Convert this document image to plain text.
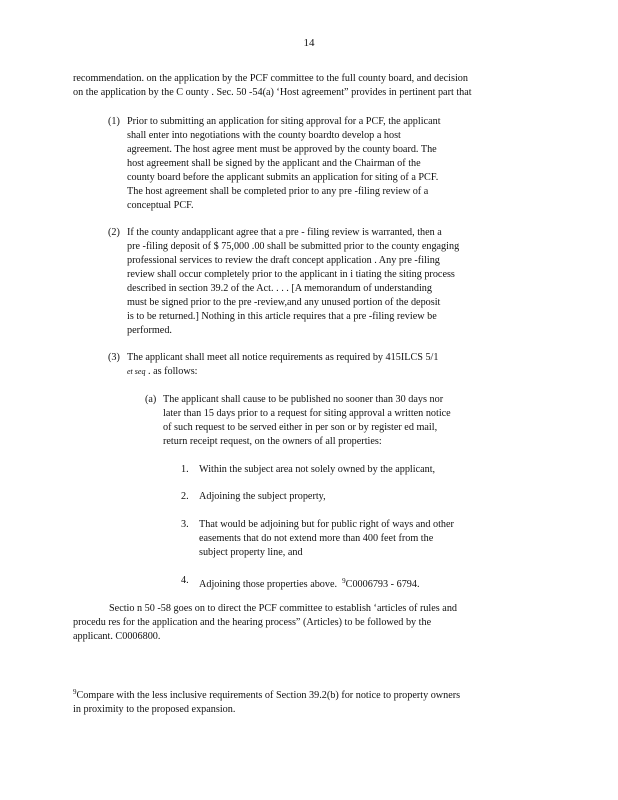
14
recommendation. on the application by the PCF committee to the full county board, and decision
on the application by the C ounty . Sec. 50 -54(a) ‘Host agreement” provides in pertinent part that
(1) Prior to submitting an application for siting approval for a PCF, the applicant
shall enter into negotiations with the county boardto develop a host
agreement. The host agree ment must be approved by the county board. The
host agreement shall be signed by the applicant and the Chairman of the
county board before the applicant submits an application for siting of a PCF.
The host agreement shall be completed prior to any pre -filing review of a
conceptual PCF.
(2) If the county andapplicant agree that a pre - filing review is warranted, then a
pre -filing deposit of $ 75,000 .00 shall be submitted prior to the county engaging
professional services to review the draft concept application . Any pre -filing
review shall occur completely prior to the applicant in i tiating the siting process
described in section 39.2 of the Act. . . . [A memorandum of understanding
must be signed prior to the pre -review,and any unused portion of the deposit
is to be returned.] Nothing in this article requires that a pre -filing review be
performed.
(3) The applicant shall meet all notice requirements as required by 415ILCS 5/1
et seq . as follows:
(a) The applicant shall cause to be published no sooner than 30 days nor
later than 15 days prior to a request for siting approval a written notice
of such request to be served either in per son or by register ed mail,
return receipt request, on the owners of all properties:
1. Within the subject area not solely owned by the applicant,
2. Adjoining the subject property,
3. That would be adjoining but for public right of ways and other
easements that do not extend more than 400 feet from the
subject property line, and
4. Adjoining those properties above. $^9$C0006793 - 6794.
Sectio n 50 -58 goes on to direct the PCF committee to establish ‘articles of rules and
procedu res for the application and the hearing process” (Articles) to be followed by the
applicant. C0006800.
$^9$Compare with the less inclusive requirements of Section 39.2(b) for notice to property owners
in proximity to the proposed expansion.
